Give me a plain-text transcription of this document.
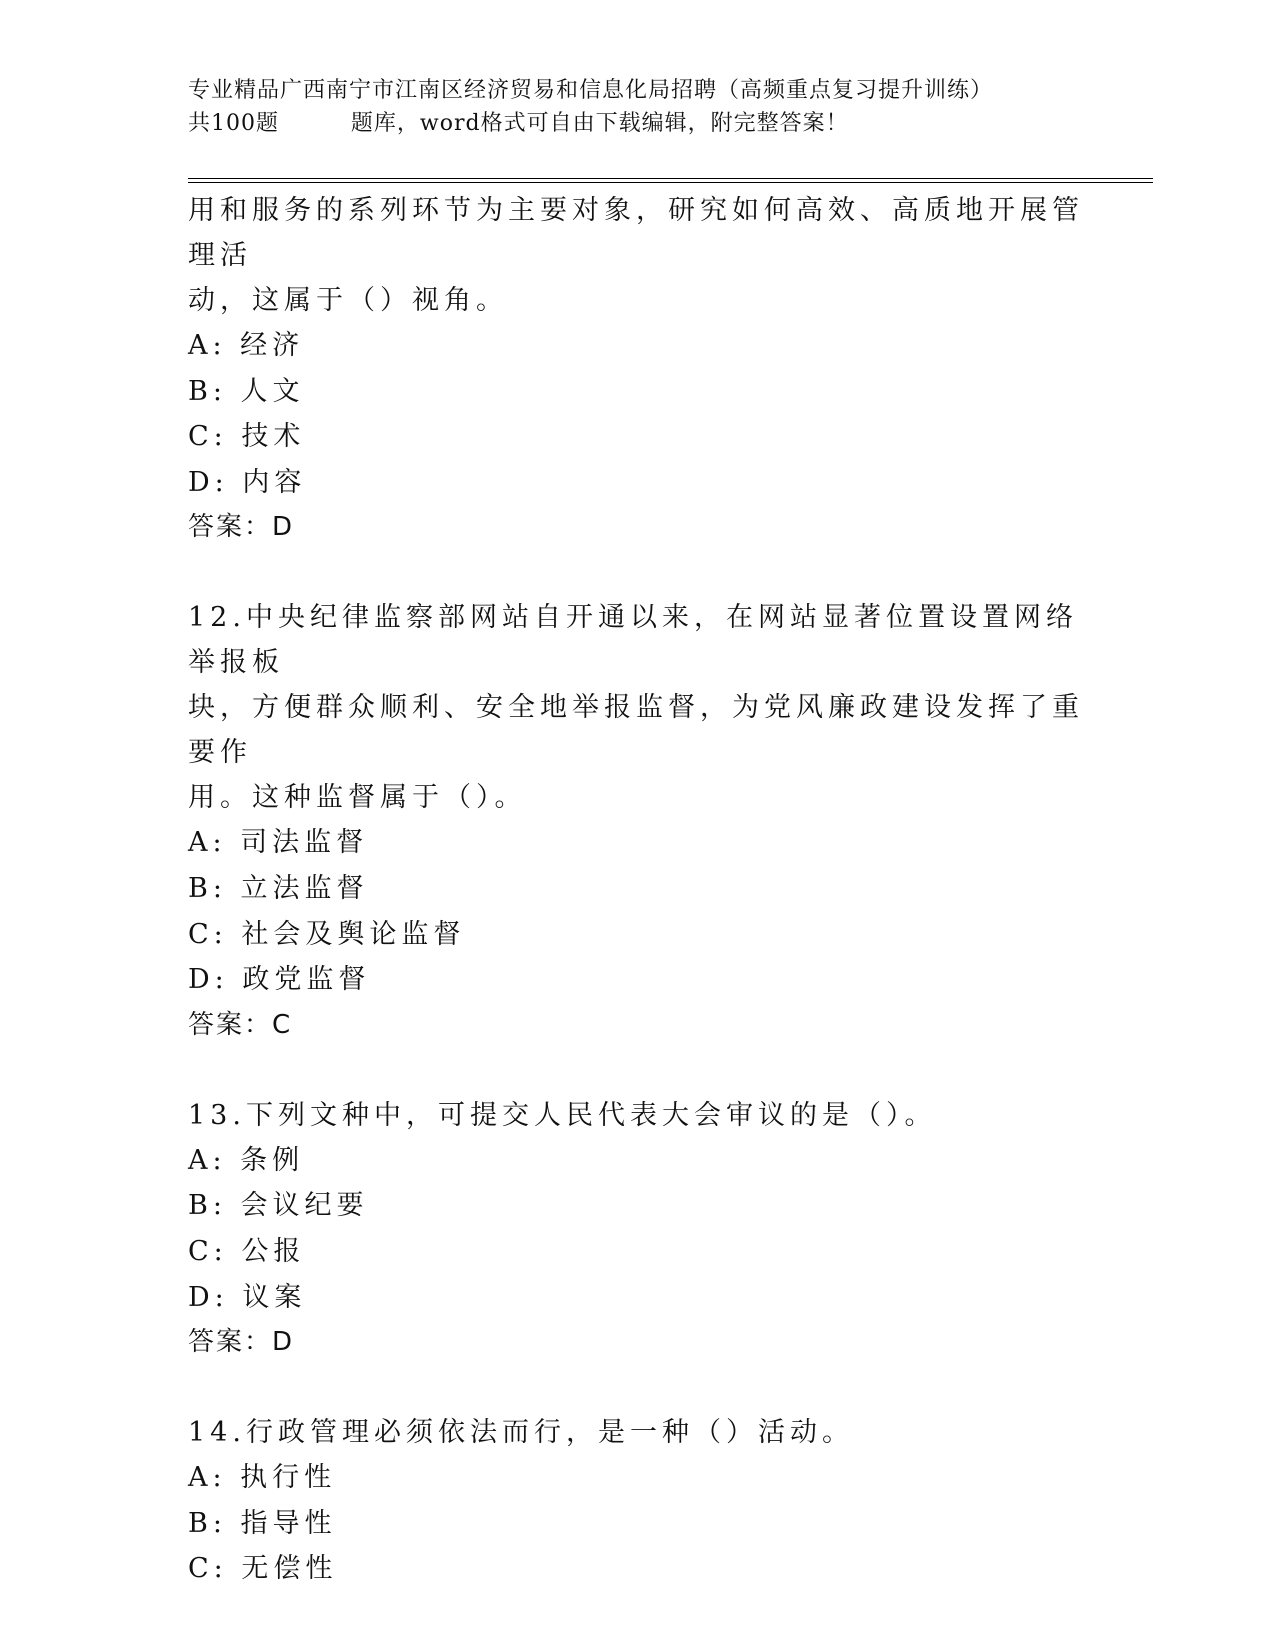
专业精品广西南宁市江南区经济贸易和信息化局招聘（高频重点复习提升训练）
共100题         题库，word格式可自由下载编辑，附完整答案！

用和服务的系列环节为主要对象，研究如何高效、高质地开展管理活

动，这属于（）视角。

A: 经济

B: 人文

C: 技术

D: 内容

答案：D

12.中央纪律监察部网站自开通以来，在网站显著位置设置网络举报板

块，方便群众顺利、安全地举报监督，为党风廉政建设发挥了重要作

用。这种监督属于（）。

A: 司法监督

B: 立法监督

C: 社会及舆论监督

D: 政党监督

答案：C

13.下列文种中，可提交人民代表大会审议的是（）。

A: 条例

B: 会议纪要

C: 公报

D: 议案

答案：D

14.行政管理必须依法而行，是一种（）活动。

A: 执行性

B: 指导性

C: 无偿性
